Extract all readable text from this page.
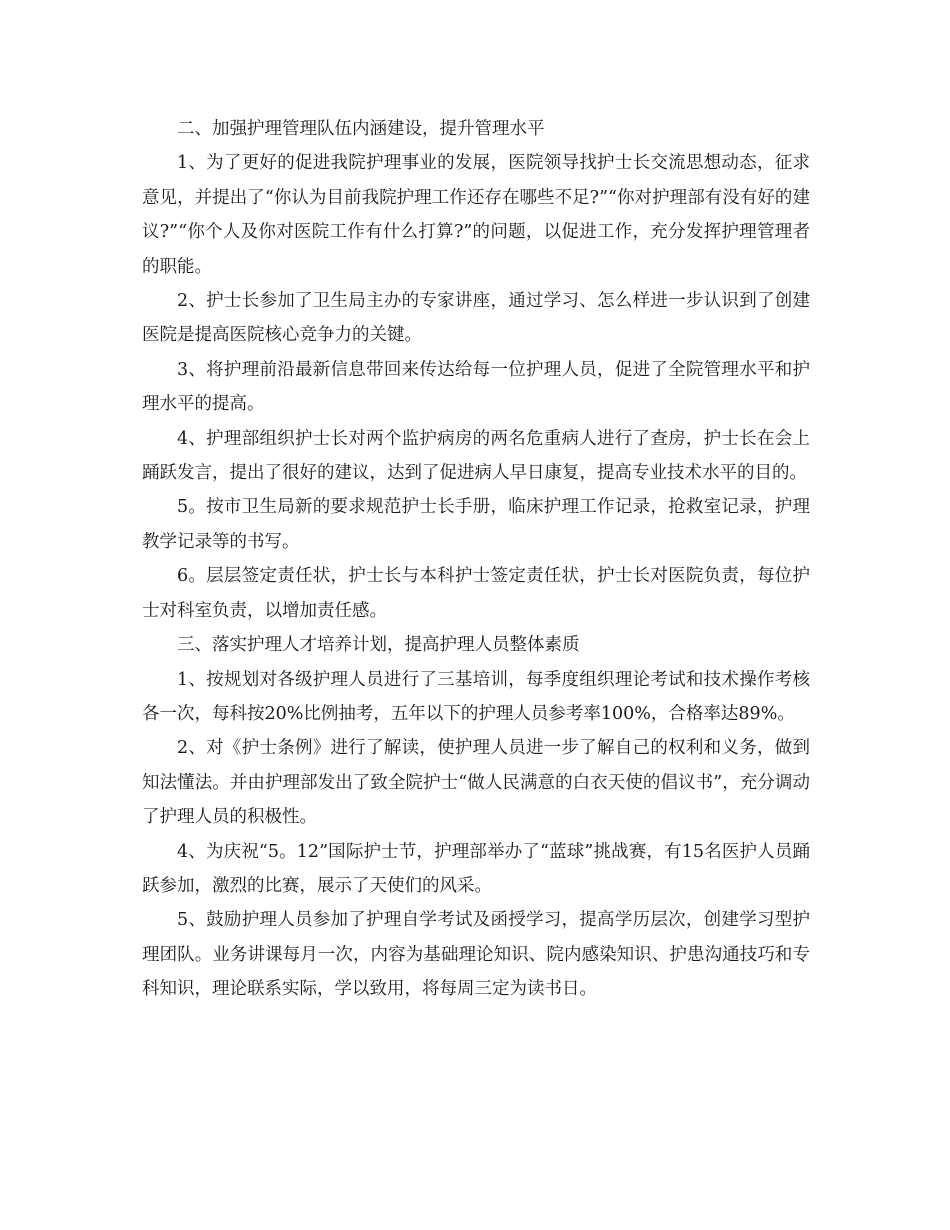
二、加强护理管理队伍内涵建设，提升管理水平

1、为了更好的促进我院护理事业的发展，医院领导找护士长交流思想动态，征求意见，并提出了“你认为目前我院护理工作还存在哪些不足?”“你对护理部有没有好的建议?”“你个人及你对医院工作有什么打算?”的问题，以促进工作，充分发挥护理管理者的职能。

2、护士长参加了卫生局主办的专家讲座，通过学习、怎么样进一步认识到了创建医院是提高医院核心竞争力的关键。

3、将护理前沿最新信息带回来传达给每一位护理人员，促进了全院管理水平和护理水平的提高。

4、护理部组织护士长对两个监护病房的两名危重病人进行了查房，护士长在会上踊跃发言，提出了很好的建议，达到了促进病人早日康复，提高专业技术水平的目的。

5。按市卫生局新的要求规范护士长手册，临床护理工作记录，抢救室记录，护理教学记录等的书写。

6。层层签定责任状，护士长与本科护士签定责任状，护士长对医院负责，每位护士对科室负责，以增加责任感。

三、落实护理人才培养计划，提高护理人员整体素质

1、按规划对各级护理人员进行了三基培训，每季度组织理论考试和技术操作考核各一次，每科按20%比例抽考，五年以下的护理人员参考率100%，合格率达89%。

2、对《护士条例》进行了解读，使护理人员进一步了解自己的权利和义务，做到知法懂法。并由护理部发出了致全院护士“做人民满意的白衣天使的倡议书”，充分调动了护理人员的积极性。

4、为庆祝“5。12”国际护士节，护理部举办了“蓝球”挑战赛，有15名医护人员踊跃参加，激烈的比赛，展示了天使们的风采。

5、鼓励护理人员参加了护理自学考试及函授学习，提高学历层次，创建学习型护理团队。业务讲课每月一次，内容为基础理论知识、院内感染知识、护患沟通技巧和专科知识，理论联系实际，学以致用，将每周三定为读书日。
